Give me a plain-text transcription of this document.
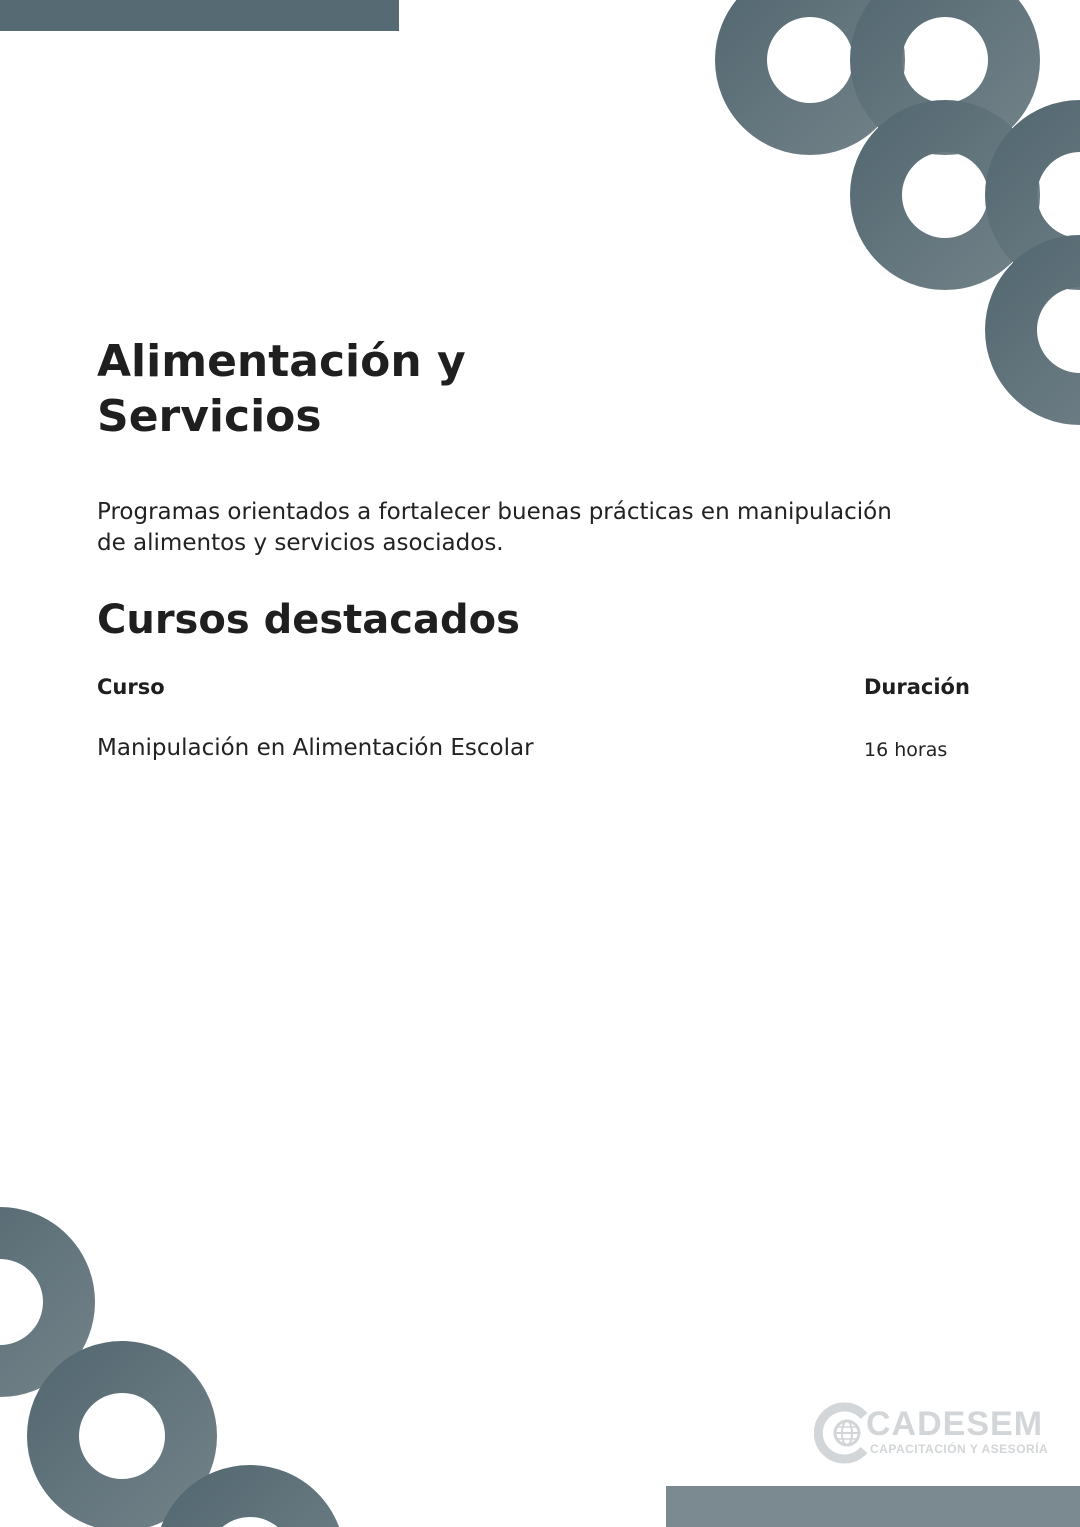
Alimentación y
Servicios

Programas orientados a fortalecer buenas prácticas en manipulación
de alimentos y servicios asociados.

Cursos destacados
Curso	Duración
Manipulación en Alimentación Escolar	16 horas
CADESEM
CAPACITACIÓN Y ASESORÍA
